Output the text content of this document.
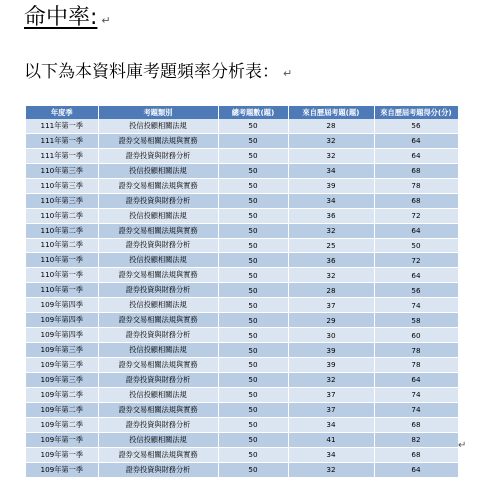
命中率: ↵
以下為本資料庫考題頻率分析表： ↵
年度季	考題類別	總考題數(題)	來自歷屆考題(題)	來自歷屆考題得分(分)
111年第一季	投信投顧相關法規	50	28	56
111年第一季	證券交易相關法規與實務	50	32	64
111年第一季	證券投資與財務分析	50	32	64
110年第三季	投信投顧相關法規	50	34	68
110年第三季	證券交易相關法規與實務	50	39	78
110年第三季	證券投資與財務分析	50	34	68
110年第二季	投信投顧相關法規	50	36	72
110年第二季	證券交易相關法規與實務	50	32	64
110年第二季	證券投資與財務分析	50	25	50
110年第一季	投信投顧相關法規	50	36	72
110年第一季	證券交易相關法規與實務	50	32	64
110年第一季	證券投資與財務分析	50	28	56
109年第四季	投信投顧相關法規	50	37	74
109年第四季	證券交易相關法規與實務	50	29	58
109年第四季	證券投資與財務分析	50	30	60
109年第三季	投信投顧相關法規	50	39	78
109年第三季	證券交易相關法規與實務	50	39	78
109年第三季	證券投資與財務分析	50	32	64
109年第二季	投信投顧相關法規	50	37	74
109年第二季	證券交易相關法規與實務	50	37	74
109年第二季	證券投資與財務分析	50	34	68
109年第一季	投信投顧相關法規	50	41	82
109年第一季	證券交易相關法規與實務	50	34	68
109年第一季	證券投資與財務分析	50	32	64
↵
